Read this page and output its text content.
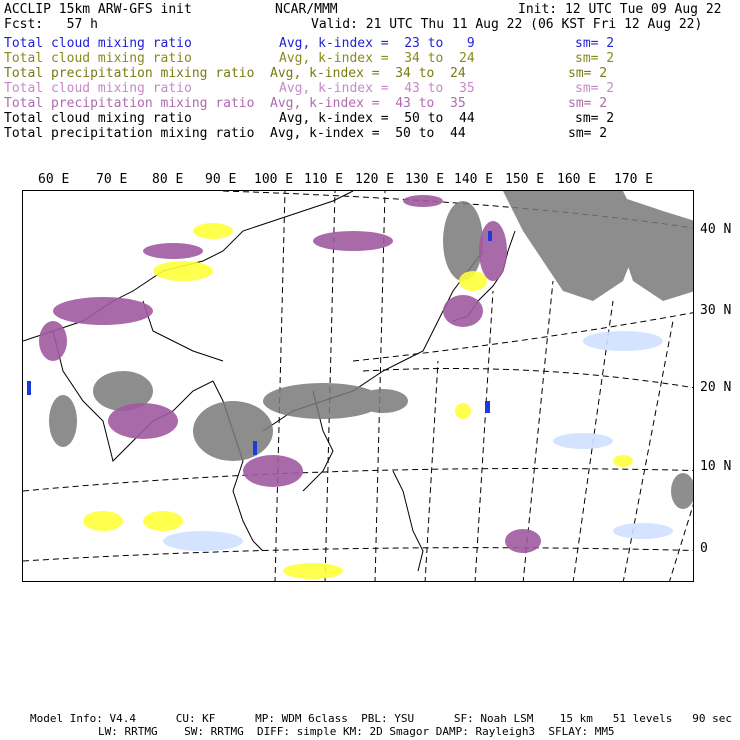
ACCLIP 15km ARW-GFS init	NCAR/MMM	Init: 12 UTC Tue 09 Aug 22
Fcst:   57 h	Valid: 21 UTC Thu 11 Aug 22 (06 KST Fri 12 Aug 22)
Total cloud mixing ratio	Avg, k-index =  23 to   9	sm= 2
Total cloud mixing ratio	Avg, k-index =  34 to  24	sm= 2
Total precipitation mixing ratio Avg, k-index =  34 to  24	sm= 2
Total cloud mixing ratio	Avg, k-index =  43 to  35	sm= 2
Total precipitation mixing ratio Avg, k-index =  43 to  35	sm= 2
Total cloud mixing ratio	Avg, k-index =  50 to  44	sm= 2
Total precipitation mixing ratio Avg, k-index =  50 to  44	sm= 2
60 E 70 E 80 E 90 E 100 E 110 E 120 E 130 E 140 E 150 E 160 E 170 E
40 N
30 N
20 N
10 N
0
Model Info: V4.4      CU: KF      MP: WDM 6class  PBL: YSU      SF: Noah LSM    15 km   51 levels   90 sec
LW: RRTMG    SW: RRTMG  DIFF: simple KM: 2D Smagor DAMP: Rayleigh3  SFLAY: MM5
